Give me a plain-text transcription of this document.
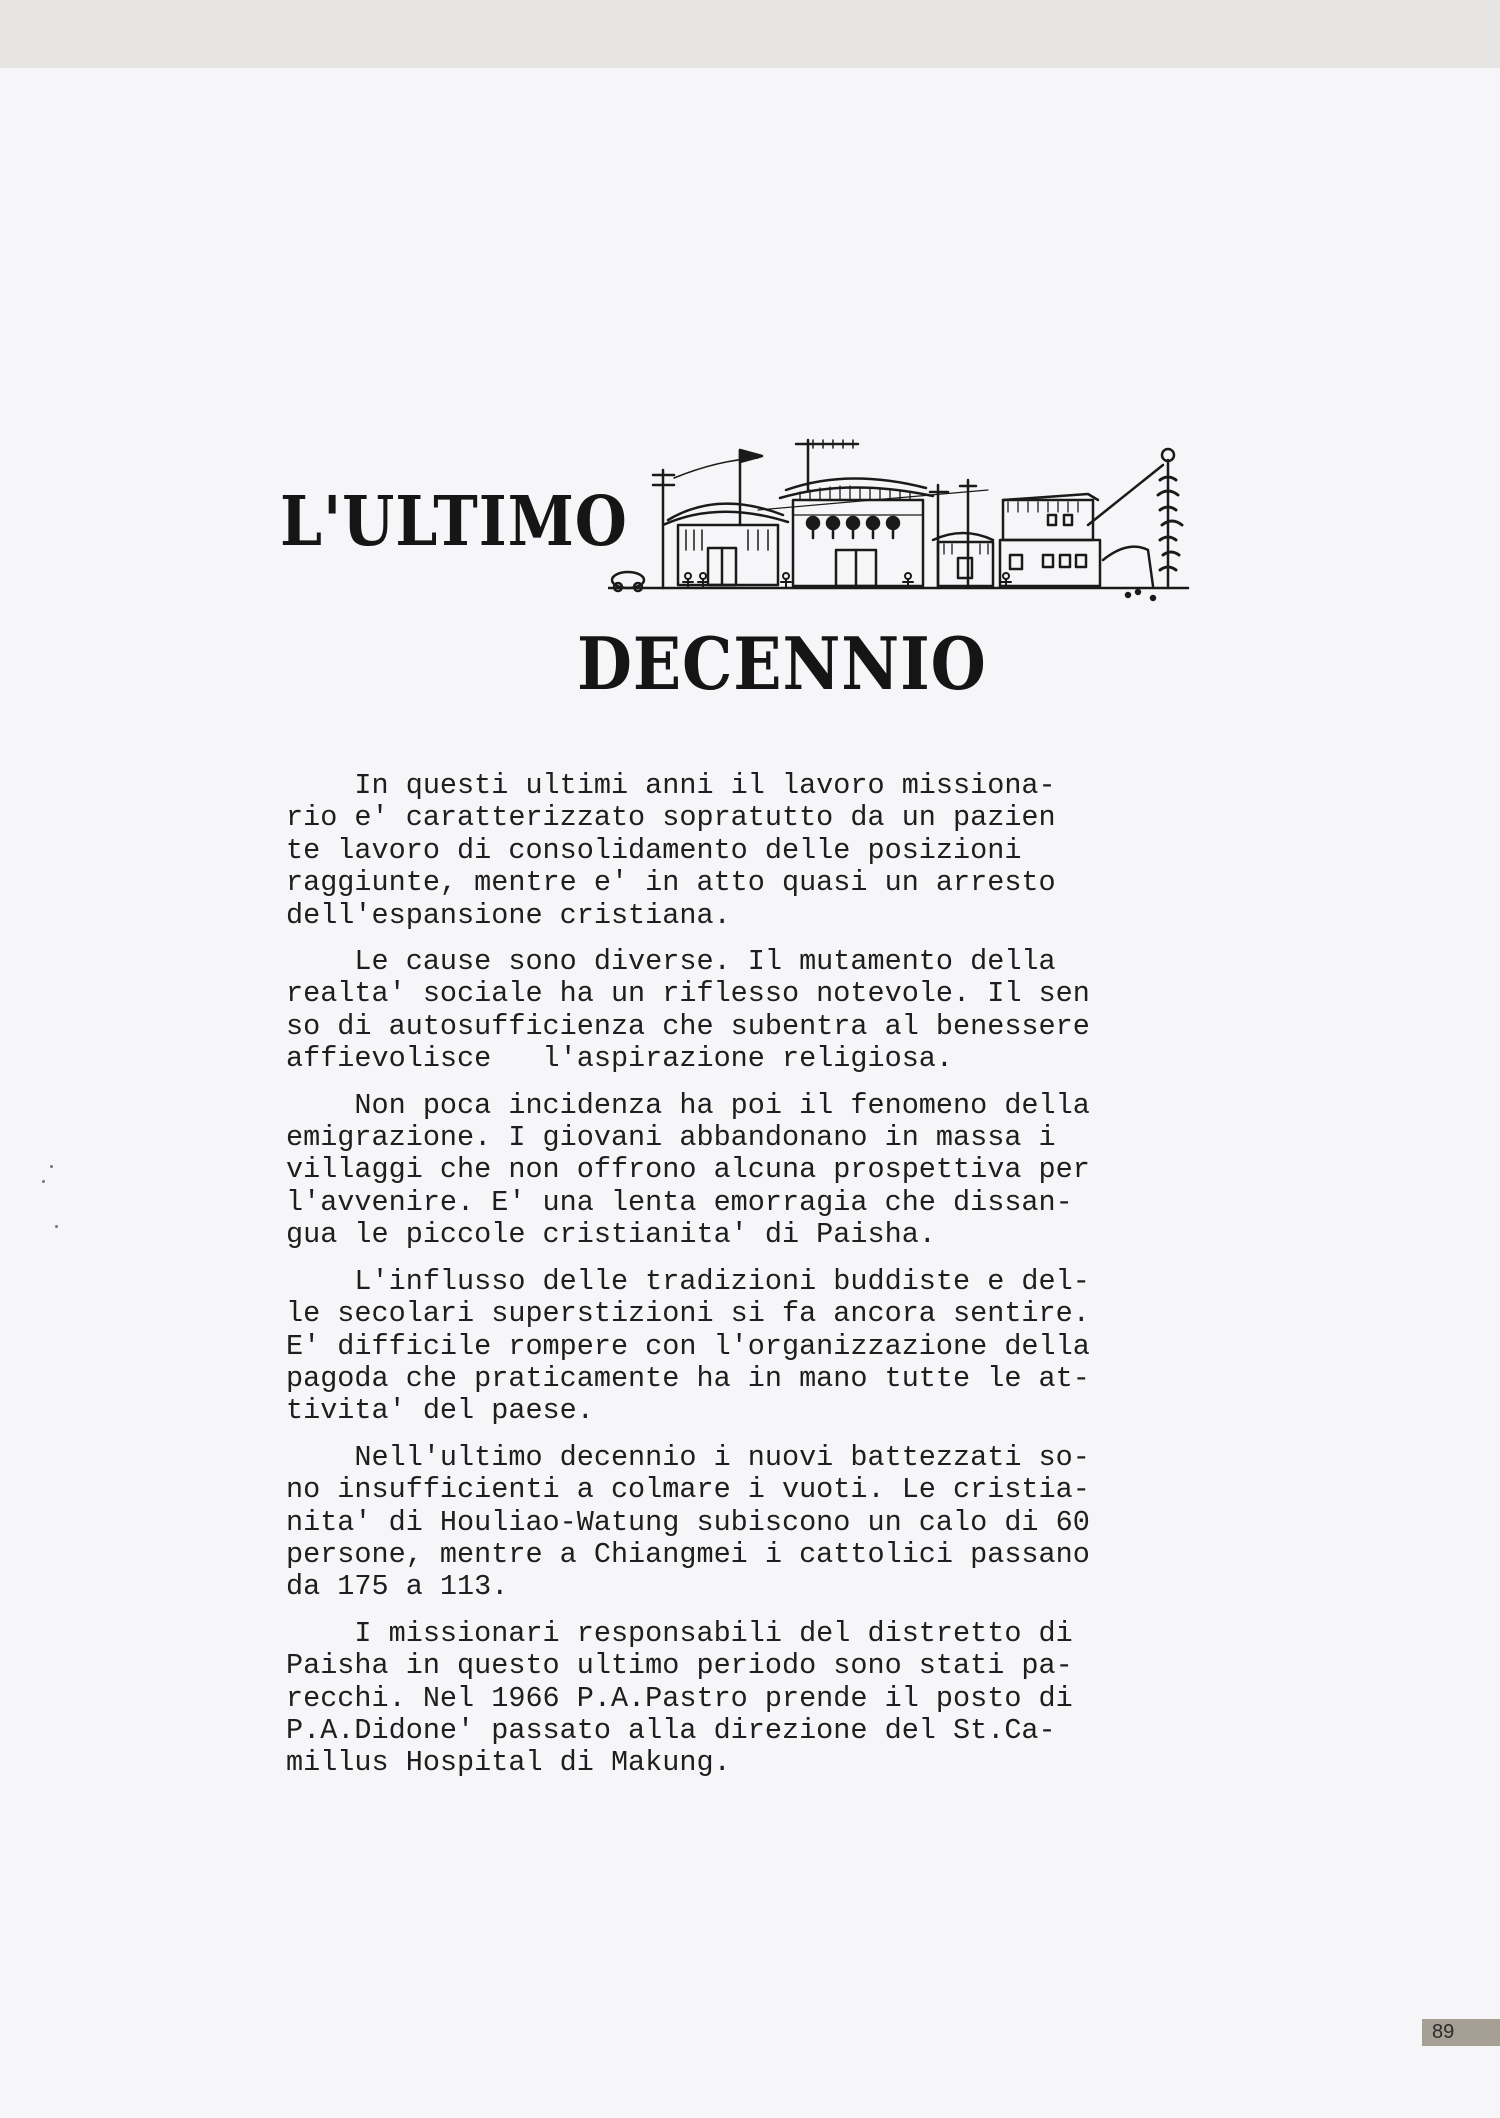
L'ULTIMO
DECENNIO
In questi ultimi anni il lavoro missiona-
rio e' caratterizzato sopratutto da un pazien
te lavoro di consolidamento delle posizioni
raggiunte, mentre e' in atto quasi un arresto
dell'espansione cristiana.
Le cause sono diverse. Il mutamento della
realta' sociale ha un riflesso notevole. Il sen
so di autosufficienza che subentra al benessere
affievolisce   l'aspirazione religiosa.
Non poca incidenza ha poi il fenomeno della
emigrazione. I giovani abbandonano in massa i
villaggi che non offrono alcuna prospettiva per
l'avvenire. E' una lenta emorragia che dissan-
gua le piccole cristianita' di Paisha.
L'influsso delle tradizioni buddiste e del-
le secolari superstizioni si fa ancora sentire.
E' difficile rompere con l'organizzazione della
pagoda che praticamente ha in mano tutte le at-
tivita' del paese.
Nell'ultimo decennio i nuovi battezzati so-
no insufficienti a colmare i vuoti. Le cristia-
nita' di Houliao-Watung subiscono un calo di 60
persone, mentre a Chiangmei i cattolici passano
da 175 a 113.
I missionari responsabili del distretto di
Paisha in questo ultimo periodo sono stati pa-
recchi. Nel 1966 P.A.Pastro prende il posto di
P.A.Didone' passato alla direzione del St.Ca-
millus Hospital di Makung.
89
